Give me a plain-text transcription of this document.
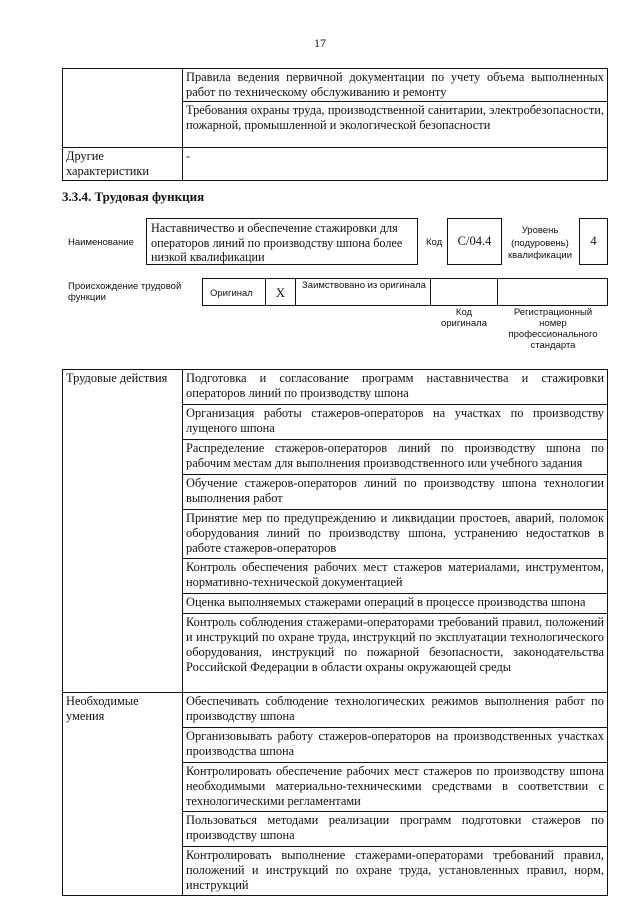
17
	Правила ведения первичной документации по учету объема выполненных работ по техническому обслуживанию и ремонту
	Требования охраны труда, производственной санитарии, электробезопасности, пожарной, промышленной и экологической безопасности
Другие характеристики	-
3.3.4. Трудовая функция
Наименование
Наставничество и обеспечение стажировки для операторов линий по производству шпона более низкой квалификации
Код	C/04.4
Уровень (подуровень) квалификации
4
Происхождение трудовой функции	Оригинал	X	Заимствовано из оригинала
Код оригинала
Регистрационный номер профессионального стандарта
Трудовые действия	Подготовка и согласование программ наставничества и стажировки операторов линий по производству шпона
	Организация работы стажеров-операторов на участках по производству лущеного шпона
	Распределение стажеров-операторов линий по производству шпона по рабочим местам для выполнения производственного или учебного задания
	Обучение стажеров-операторов линий по производству шпона технологии выполнения работ
	Принятие мер по предупреждению и ликвидации простоев, аварий, поломок оборудования линий по производству шпона, устранению недостатков в работе стажеров-операторов
	Контроль обеспечения рабочих мест стажеров материалами, инструментом, нормативно-технической документацией
	Оценка выполняемых стажерами операций в процессе производства шпона
	Контроль соблюдения стажерами-операторами требований правил, положений и инструкций по охране труда, инструкций по эксплуатации технологического оборудования, инструкций по пожарной безопасности, законодательства Российской Федерации в области охраны окружающей среды
Необходимые умения	Обеспечивать соблюдение технологических режимов выполнения работ по производству шпона
	Организовывать работу стажеров-операторов на производственных участках производства шпона
	Контролировать обеспечение рабочих мест стажеров по производству шпона необходимыми материально-техническими средствами в соответствии с технологическими регламентами
	Пользоваться методами реализации программ подготовки стажеров по производству шпона
	Контролировать выполнение стажерами-операторами требований правил, положений и инструкций по охране труда, установленных правил, норм, инструкций
